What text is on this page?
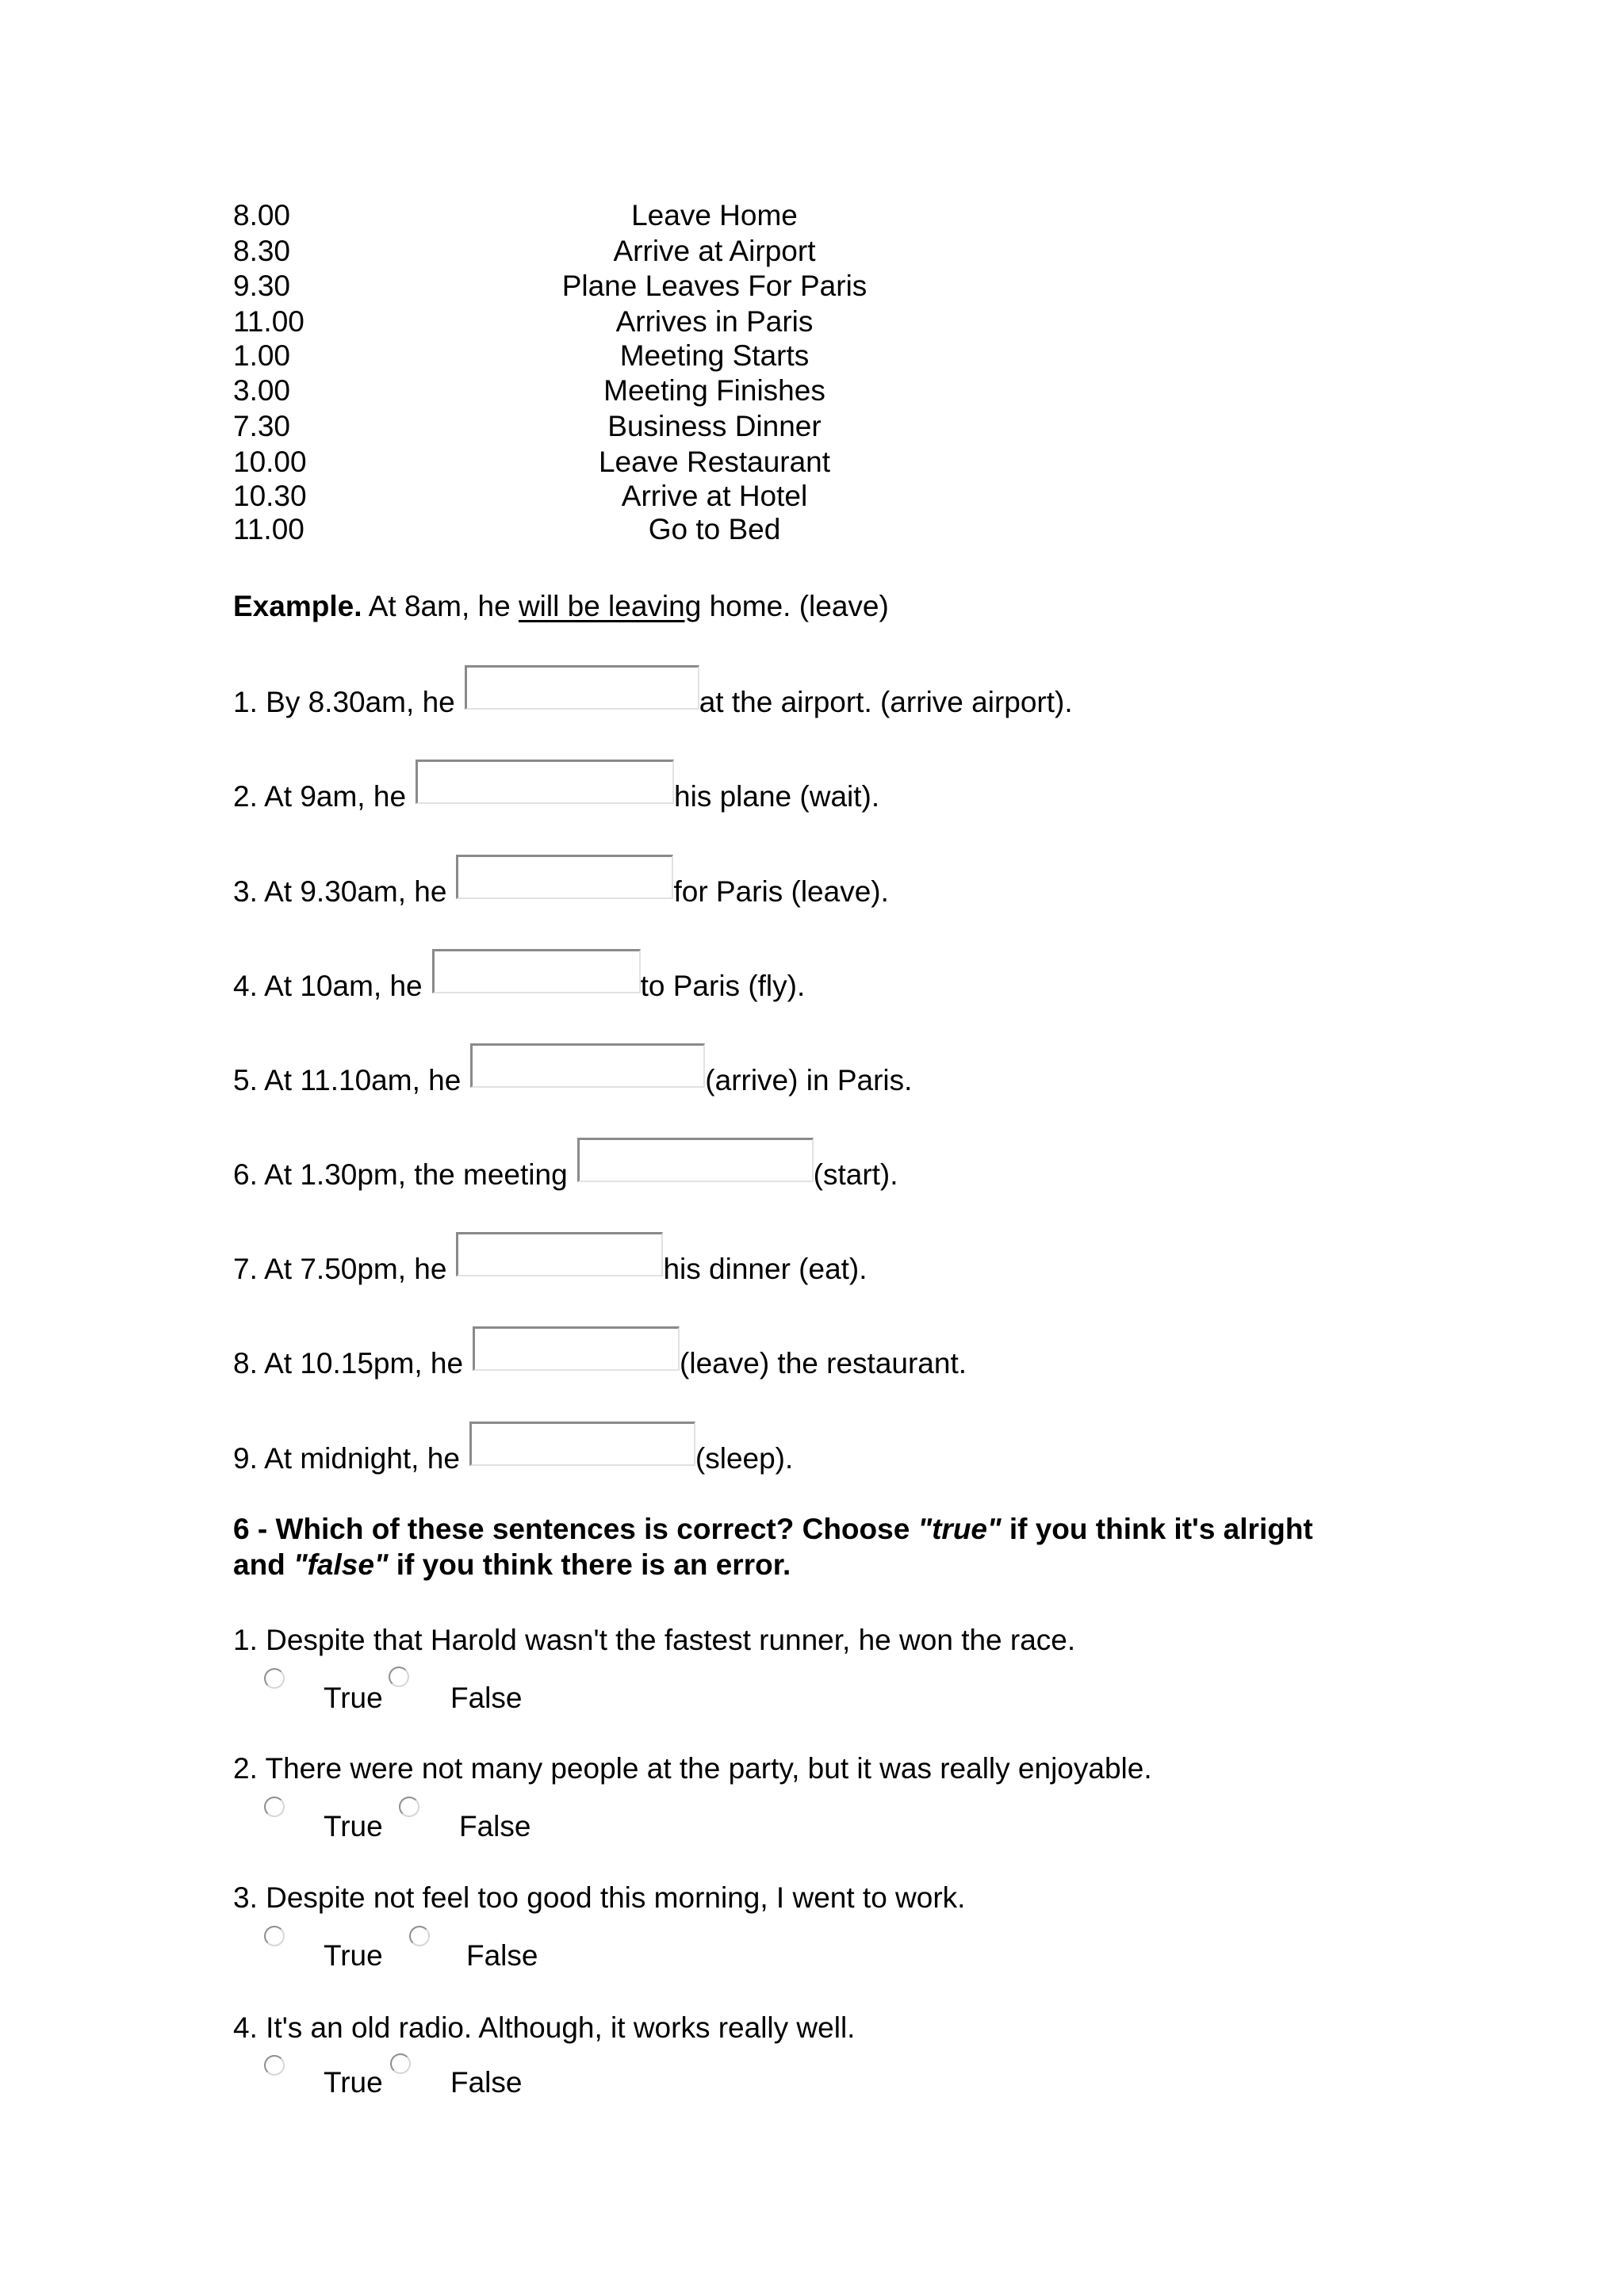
8.00	Leave Home
8.30	Arrive at Airport
9.30	Plane Leaves For Paris
11.00	Arrives in Paris
1.00	Meeting Starts
3.00	Meeting Finishes
7.30	Business Dinner
10.00	Leave Restaurant
10.30	Arrive at Hotel
11.00	Go to Bed
Example. At 8am, he will be leaving home. (leave)
1. By 8.30am, he	at the airport. (arrive airport).
2. At 9am, he	his plane (wait).
3. At 9.30am, he	for Paris (leave).
4. At 10am, he	to Paris (fly).
5. At 11.10am, he	(arrive) in Paris.
6. At 1.30pm, the meeting	(start).
7. At 7.50pm, he	his dinner (eat).
8. At 10.15pm, he	(leave) the restaurant.
9. At midnight, he	(sleep).
6 - Which of these sentences is correct? Choose "true" if you think it's alright
and "false" if you think there is an error.
1. Despite that Harold wasn't the fastest runner, he won the race.
True False
2. There were not many people at the party, but it was really enjoyable.
True	False
3. Despite not feel too good this morning, I went to work.
True	False
4. It's an old radio. Although, it works really well.
True False
